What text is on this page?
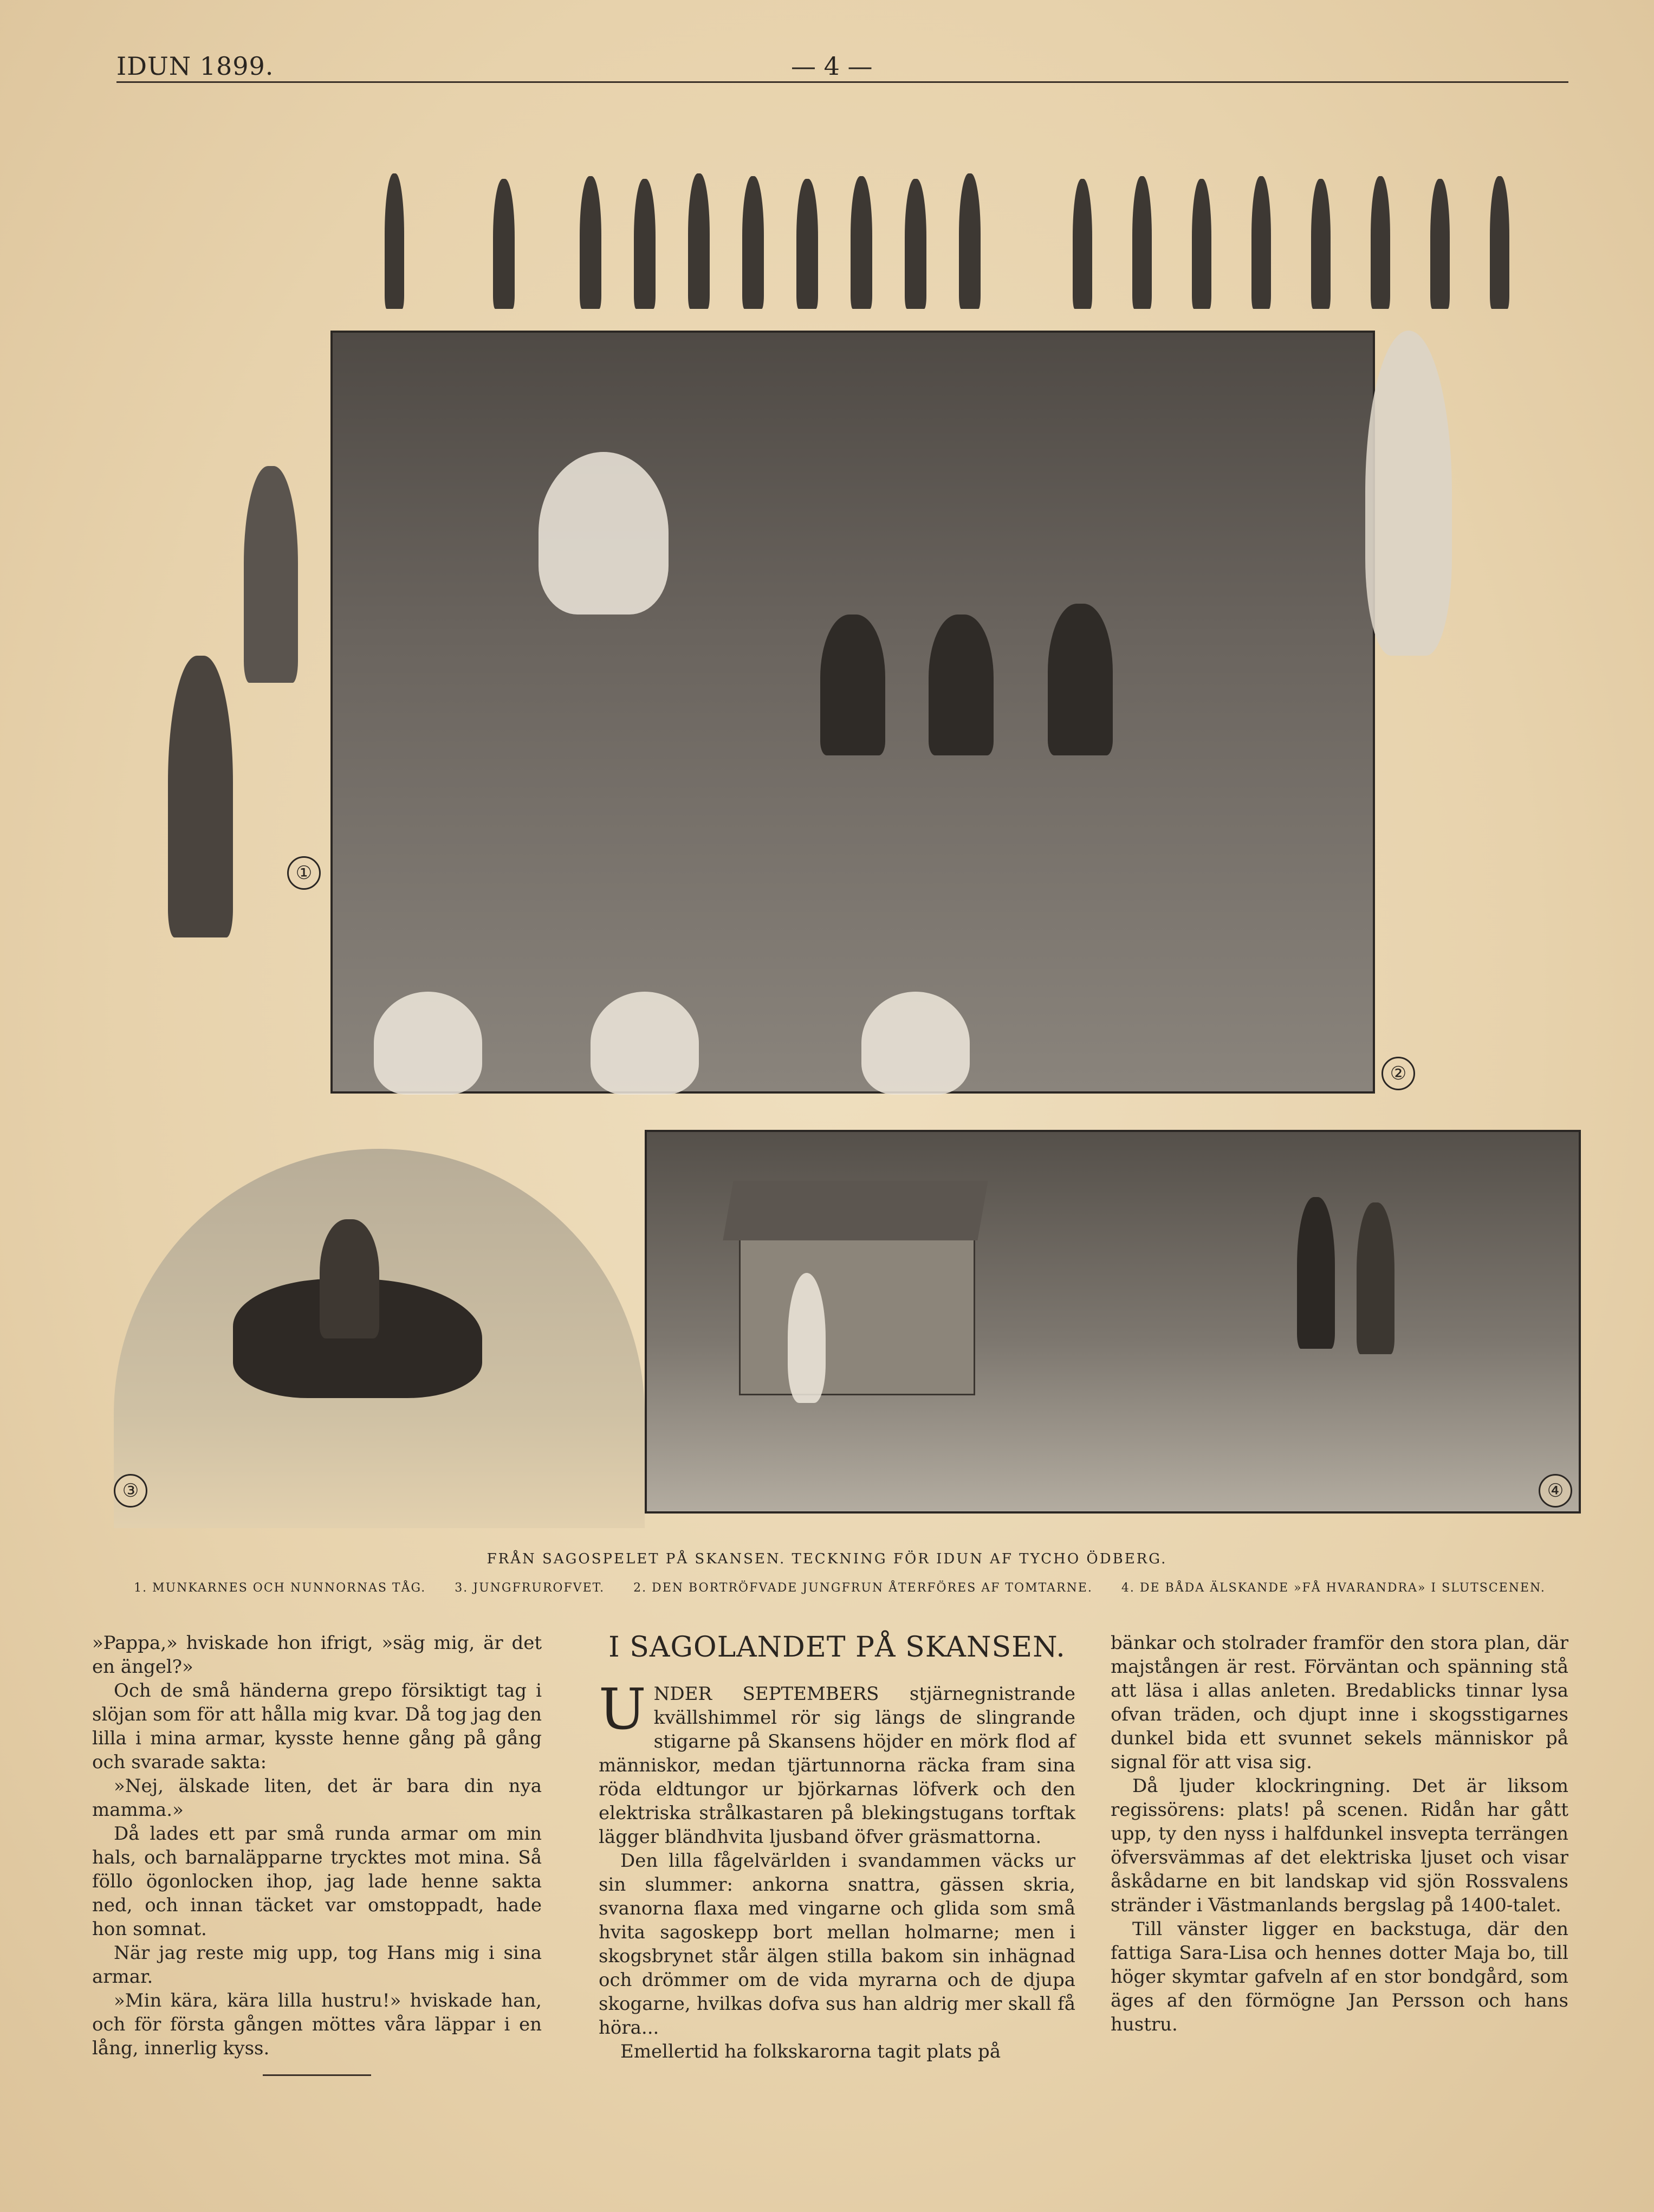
IDUN 1899.	— 4 —
①
②
③	④
FRÅN SAGOSPELET PÅ SKANSEN. TECKNING FÖR IDUN AF TYCHO ÖDBERG.
1. MUNKARNES OCH NUNNORNAS TÅG. 3. JUNGFRUROFVET. 2. DEN BORTRÖFVADE JUNGFRUN ÅTERFÖRES AF TOMTARNE. 4. DE BÅDA ÄLSKANDE »FÅ HVARANDRA» I SLUTSCENEN.

»Pappa,» hviskade hon ifrigt, »säg mig, är det en ängel?»

Och de små händerna grepo försiktigt tag i slöjan som för att hålla mig kvar. Då tog jag den lilla i mina armar, kysste henne gång på gång och svarade sakta:

»Nej, älskade liten, det är bara din nya mamma.»

Då lades ett par små runda armar om min hals, och barnaläpparne trycktes mot mina. Så föllo ögonlocken ihop, jag lade henne sakta ned, och innan täcket var omstoppadt, hade hon somnat.

När jag reste mig upp, tog Hans mig i sina armar.

»Min kära, kära lilla hustru!» hviskade han, och för första gången möttes våra läppar i en lång, innerlig kyss.

I SAGOLANDET PÅ SKANSEN.

UNDER SEPTEMBERS stjärnegnistrande kvällshimmel rör sig längs de slingrande stigarne på Skansens höjder en mörk flod af människor, medan tjärtunnorna räcka fram sina röda eldtungor ur björkarnas löfverk och den elektriska strålkastaren på blekingstugans torftak lägger bländhvita ljusband öfver gräsmattorna.

Den lilla fågelvärlden i svandammen väcks ur sin slummer: ankorna snattra, gässen skria, svanorna flaxa med vingarne och glida som små hvita sagoskepp bort mellan holmarne; men i skogsbrynet står älgen stilla bakom sin inhägnad och drömmer om de vida myrarna och de djupa skogarne, hvilkas dofva sus han aldrig mer skall få höra...

Emellertid ha folkskarorna tagit plats på

bänkar och stolrader framför den stora plan, där majstången är rest. Förväntan och spänning stå att läsa i allas anleten. Bredablicks tinnar lysa ofvan träden, och djupt inne i skogsstigarnes dunkel bida ett svunnet sekels människor på signal för att visa sig.

Då ljuder klockringning. Det är liksom regissörens: plats! på scenen. Ridån har gått upp, ty den nyss i halfdunkel insvepta terrängen öfversvämmas af det elektriska ljuset och visar åskådarne en bit landskap vid sjön Rossvalens stränder i Västmanlands bergslag på 1400-talet.

Till vänster ligger en backstuga, där den fattiga Sara-Lisa och hennes dotter Maja bo, till höger skymtar gafveln af en stor bondgård, som äges af den förmögne Jan Persson och hans hustru.
